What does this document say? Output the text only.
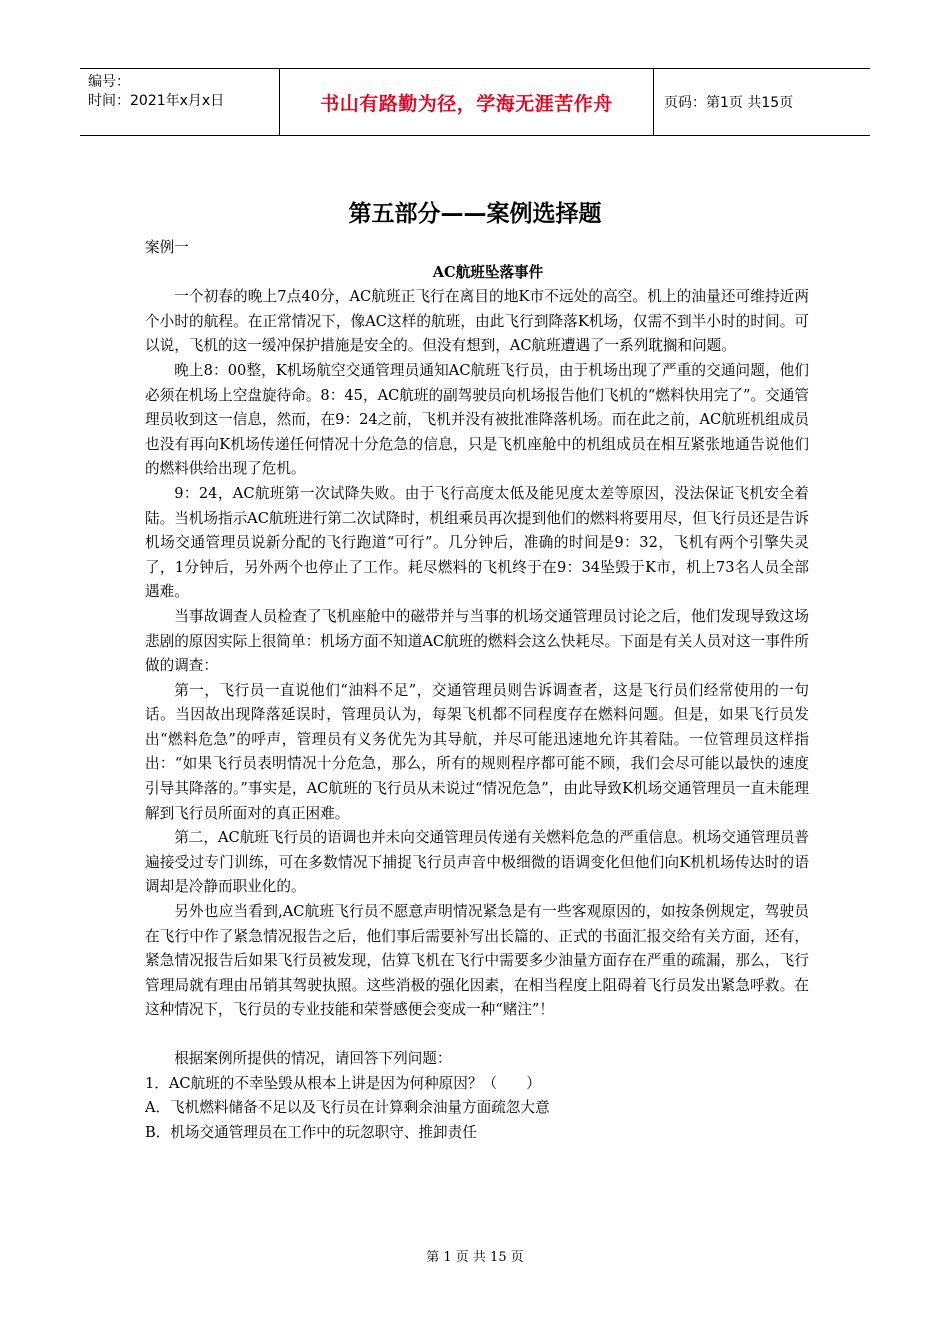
编号：
时间：2021年x月x日	书山有路勤为径，学海无涯苦作舟	页码：第1页 共15页
第五部分——案例选择题

案例一

AC航班坠落事件

一个初春的晚上7点40分，AC航班正飞行在离目的地K市不远处的高空。机上的油量还可维持近两个小时的航程。在正常情况下，像AC这样的航班，由此飞行到降落K机场，仅需不到半小时的时间。可以说，飞机的这一缓冲保护措施是安全的。但没有想到，AC航班遭遇了一系列耽搁和问题。

晚上8：00整，K机场航空交通管理员通知AC航班飞行员，由于机场出现了严重的交通问题，他们必须在机场上空盘旋待命。8：45，AC航班的副驾驶员向机场报告他们飞机的“燃料快用完了”。交通管理员收到这一信息，然而，在9：24之前，飞机并没有被批准降落机场。而在此之前，AC航班机组成员也没有再向K机场传递任何情况十分危急的信息，只是飞机座舱中的机组成员在相互紧张地通告说他们的燃料供给出现了危机。

9：24，AC航班第一次试降失败。由于飞行高度太低及能见度太差等原因，没法保证飞机安全着陆。当机场指示AC航班进行第二次试降时，机组乘员再次提到他们的燃料将要用尽，但飞行员还是告诉机场交通管理员说新分配的飞行跑道“可行”。几分钟后，准确的时间是9：32，飞机有两个引擎失灵了，1分钟后，另外两个也停止了工作。耗尽燃料的飞机终于在9：34坠毁于K市，机上73名人员全部遇难。

当事故调查人员检查了飞机座舱中的磁带并与当事的机场交通管理员讨论之后，他们发现导致这场悲剧的原因实际上很简单：机场方面不知道AC航班的燃料会这么快耗尽。下面是有关人员对这一事件所做的调查：

第一，飞行员一直说他们“油料不足”，交通管理员则告诉调查者，这是飞行员们经常使用的一句话。当因故出现降落延误时，管理员认为，每架飞机都不同程度存在燃料问题。但是，如果飞行员发出“燃料危急”的呼声，管理员有义务优先为其导航，并尽可能迅速地允许其着陆。一位管理员这样指出：“如果飞行员表明情况十分危急，那么，所有的规则程序都可能不顾，我们会尽可能以最快的速度引导其降落的。”事实是，AC航班的飞行员从未说过“情况危急”，由此导致K机场交通管理员一直未能理解到飞行员所面对的真正困难。

第二，AC航班飞行员的语调也并未向交通管理员传递有关燃料危急的严重信息。机场交通管理员普遍接受过专门训练，可在多数情况下捕捉飞行员声音中极细微的语调变化但他们向K机机场传达时的语调却是冷静而职业化的。

另外也应当看到,AC航班飞行员不愿意声明情况紧急是有一些客观原因的，如按条例规定，驾驶员在飞行中作了紧急情况报告之后，他们事后需要补写出长篇的、正式的书面汇报交给有关方面，还有，紧急情况报告后如果飞行员被发现，估算飞机在飞行中需要多少油量方面存在严重的疏漏，那么，飞行管理局就有理由吊销其驾驶执照。这些消极的强化因素，在相当程度上阻碍着飞行员发出紧急呼救。在这种情况下，飞行员的专业技能和荣誉感便会变成一种“赌注”！

根据案例所提供的情况，请回答下列问题：

1．AC航班的不幸坠毁从根本上讲是因为何种原因？（　　）

A．飞机燃料储备不足以及飞行员在计算剩余油量方面疏忽大意

B．机场交通管理员在工作中的玩忽职守、推卸责任

第 1 页 共 15 页
